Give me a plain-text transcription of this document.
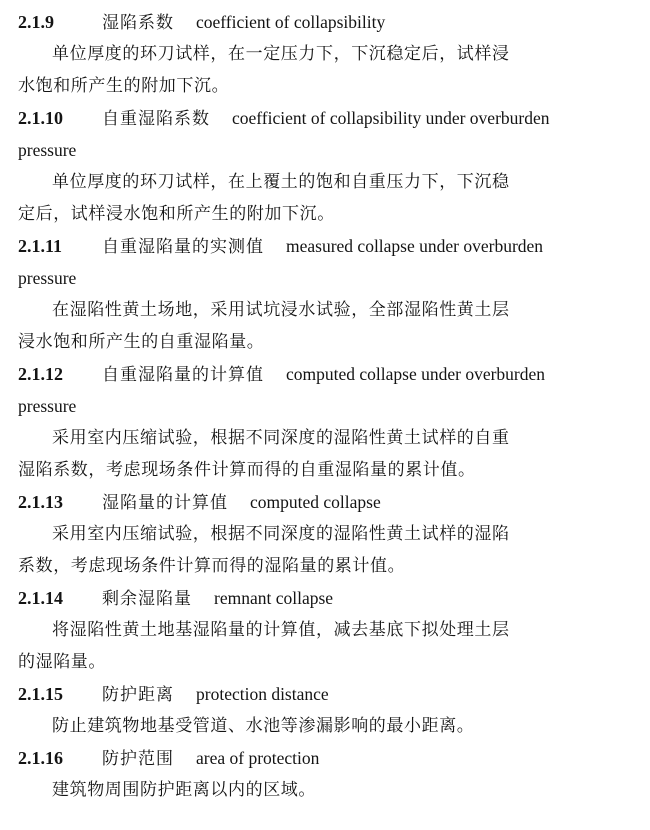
2.1.9	湿陷系数 coefficient of collapsibility

单位厚度的环刀试样，在一定压力下，下沉稳定后，试样浸
水饱和所产生的附加下沉。

2.1.10 自重湿陷系数 coefficient of collapsibility under overburden
pressure

单位厚度的环刀试样，在上覆土的饱和自重压力下，下沉稳
定后，试样浸水饱和所产生的附加下沉。

2.1.11 自重湿陷量的实测值 measured collapse under overburden
pressure

在湿陷性黄土场地，采用试坑浸水试验，全部湿陷性黄土层
浸水饱和所产生的自重湿陷量。

2.1.12 自重湿陷量的计算值 computed collapse under overburden
pressure

采用室内压缩试验，根据不同深度的湿陷性黄土试样的自重
湿陷系数，考虑现场条件计算而得的自重湿陷量的累计值。

2.1.13 湿陷量的计算值 computed collapse

采用室内压缩试验，根据不同深度的湿陷性黄土试样的湿陷
系数，考虑现场条件计算而得的湿陷量的累计值。

2.1.14 剩余湿陷量 remnant collapse

将湿陷性黄土地基湿陷量的计算值，减去基底下拟处理土层
的湿陷量。

2.1.15 防护距离 protection distance

防止建筑物地基受管道、水池等渗漏影响的最小距离。

2.1.16 防护范围 area of protection

建筑物周围防护距离以内的区域。
